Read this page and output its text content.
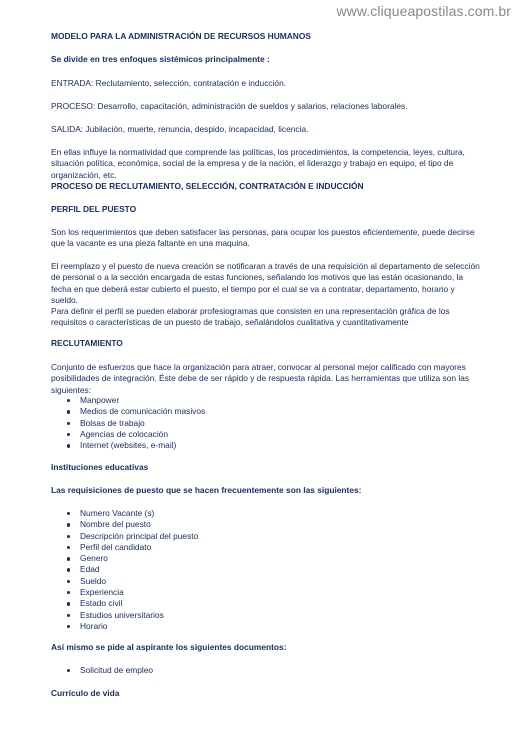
www.cliqueapostilas.com.br

MODELO PARA LA ADMINISTRACIÓN DE RECURSOS HUMANOS

Se divide en tres enfoques sistémicos principalmente :

ENTRADA: Reclutamiento, selección, contratación e inducción.

PROCESO: Desarrollo, capacitación, administración de sueldos y salarios, relaciones laborales.

SALIDA: Jubilación, muerte, renuncia, despido, incapacidad, licencia.

En ellas influye la normatividad que comprende las políticas, los procedimientos, la competencia, leyes, cultura, situación política, económica, social de la empresa y de la nación, el liderazgo y trabajo en equipo, el tipo de organización, etc.

PROCESO DE RECLUTAMIENTO, SELECCIÓN, CONTRATACIÓN E INDUCCIÓN

PERFIL DEL PUESTO

Son los requerimientos que deben satisfacer las personas, para ocupar los puestos eficientemente, puede decirse que la vacante es una pieza faltante en una maquina.

El reemplazo y el puesto de nueva creación se notificaran a través de una requisición al departamento de selección de personal o a la sección encargada de estas funciones, señalando los motivos que las están ocasionando, la fecha en que deberá estar cubierto el puesto, el tiempo por el cual se va a contratar, departamento, horario y sueldo.

Para definir el perfil se pueden elaborar profesiogramas que consisten en una representación gráfica de los requisitos o características de un puesto de trabajo, señalándolos cualitativa y cuantitativamente

RECLUTAMIENTO

Conjunto de esfuerzos que hace la organización para atraer, convocar al personal mejor calificado con mayores posibilidades de integración. Éste debe de ser rápido y de respuesta rápida. Las herramientas que utiliza son las siguientes:

Manpower
Medios de comunicación masivos
Bolsas de trabajo
Agencias de colocación
Internet (websites, e-mail)

Instituciones educativas

Las requisiciones de puesto que se hacen frecuentemente son las siguientes:

Numero Vacante (s)
Nombre del puesto
Descripción principal del puesto
Perfil del candidato
Genero
Edad
Sueldo
Experiencia
Estado civil
Estudios universitarios
Horario

Así mismo se pide al aspirante los siguientes documentos:

Solicitud de empleo

Currículo de vida
